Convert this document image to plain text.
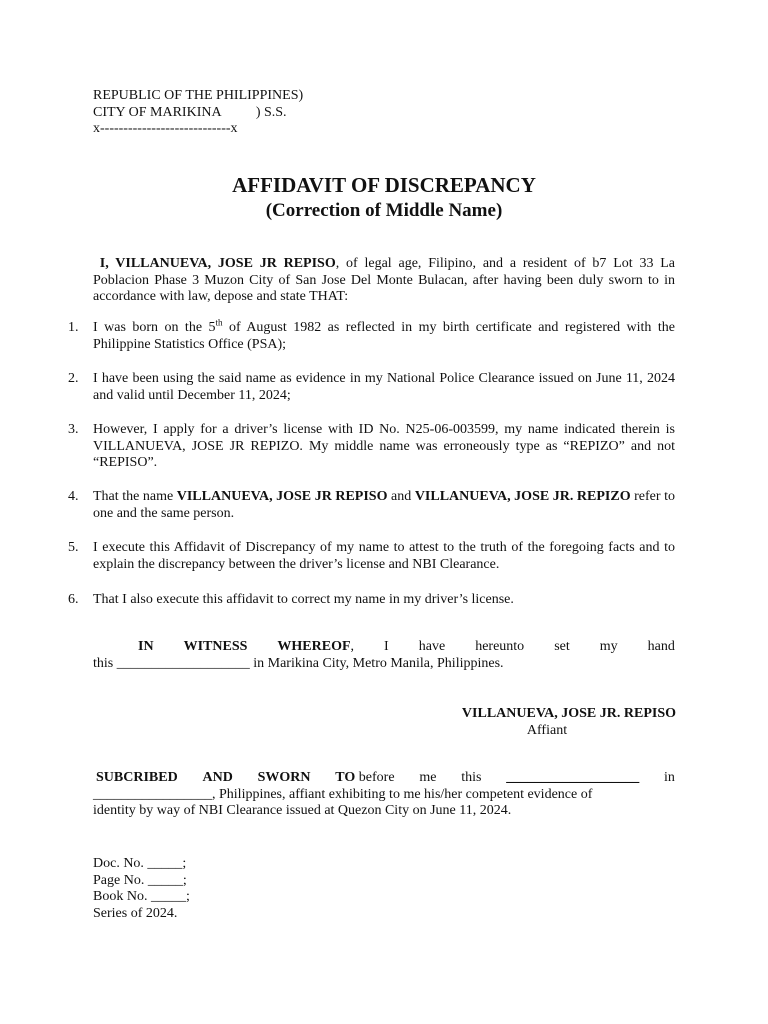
REPUBLIC OF THE PHILIPPINES)
CITY OF MARIKINA          ) S.S.
x----------------------------x
AFFIDAVIT OF DISCREPANCY
(Correction of Middle Name)
I, VILLANUEVA, JOSE JR REPISO, of legal age, Filipino, and a resident of b7 Lot 33 La Poblacion Phase 3 Muzon City of San Jose Del Monte Bulacan, after having been duly sworn to in accordance with law, depose and state THAT:
1. I was born on the 5th of August 1982 as reflected in my birth certificate and registered with the Philippine Statistics Office (PSA);
2. I have been using the said name as evidence in my National Police Clearance issued on June 11, 2024 and valid until December 11, 2024;
3. However, I apply for a driver’s license with ID No. N25-06-003599, my name indicated therein is VILLANUEVA, JOSE JR REPIZO. My middle name was erroneously type as “REPIZO” and not “REPISO”.
4. That the name VILLANUEVA, JOSE JR REPISO and VILLANUEVA, JOSE JR. REPIZO refer to one and the same person.
5. I execute this Affidavit of Discrepancy of my name to attest to the truth of the foregoing facts and to explain the discrepancy between the driver’s license and NBI Clearance.
6. That I also execute this affidavit to correct my name in my driver’s license.
IN WITNESS WHEREOF, I have hereunto set my hand
this ___________________ in Marikina City, Metro Manila, Philippines.
VILLANUEVA, JOSE JR. REPISO
Affiant
SUBCRIBED AND SWORN TO before me this ___________________ in
_________________, Philippines, affiant exhibiting to me his/her competent evidence of
identity by way of NBI Clearance issued at Quezon City on June 11, 2024.
Doc. No. _____;
Page No. _____;
Book No. _____;
Series of 2024.
